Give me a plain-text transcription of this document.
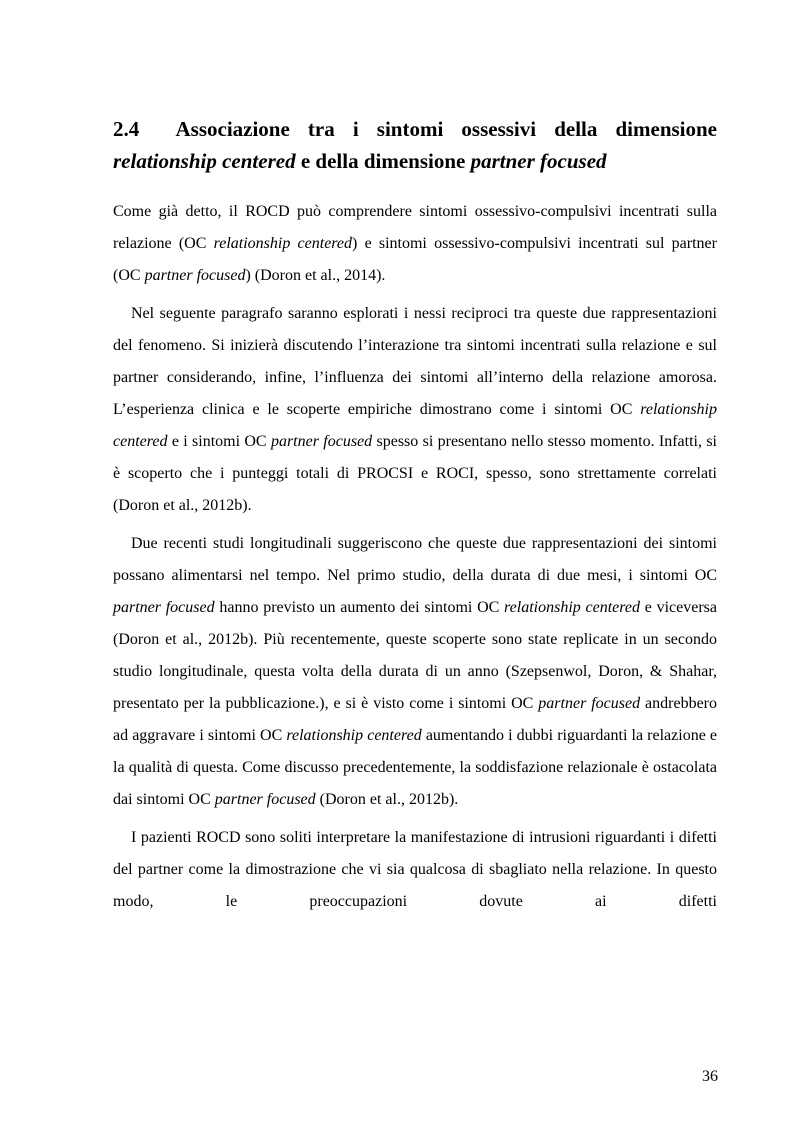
2.4 Associazione tra i sintomi ossessivi della dimensione
relationship centered e della dimensione partner focused

Come già detto, il ROCD può comprendere sintomi ossessivo-compulsivi incentrati sulla relazione (OC relationship centered) e sintomi ossessivo-compulsivi incentrati sul partner (OC partner focused) (Doron et al., 2014).

Nel seguente paragrafo saranno esplorati i nessi reciproci tra queste due rappresentazioni del fenomeno. Si inizierà discutendo l’interazione tra sintomi incentrati sulla relazione e sul partner considerando, infine, l’influenza dei sintomi all’interno della relazione amorosa. L’esperienza clinica e le scoperte empiriche dimostrano come i sintomi OC relationship centered e i sintomi OC partner focused spesso si presentano nello stesso momento. Infatti, si è scoperto che i punteggi totali di PROCSI e ROCI, spesso, sono strettamente correlati (Doron et al., 2012b).

Due recenti studi longitudinali suggeriscono che queste due rappresentazioni dei sintomi possano alimentarsi nel tempo. Nel primo studio, della durata di due mesi, i sintomi OC partner focused hanno previsto un aumento dei sintomi OC relationship centered e viceversa (Doron et al., 2012b). Più recentemente, queste scoperte sono state replicate in un secondo studio longitudinale, questa volta della durata di un anno (Szepsenwol, Doron, & Shahar, presentato per la pubblicazione.), e si è visto come i sintomi OC partner focused andrebbero ad aggravare i sintomi OC relationship centered aumentando i dubbi riguardanti la relazione e la qualità di questa. Come discusso precedentemente, la soddisfazione relazionale è ostacolata dai sintomi OC partner focused (Doron et al., 2012b).

I pazienti ROCD sono soliti interpretare la manifestazione di intrusioni riguardanti i difetti del partner come la dimostrazione che vi sia qualcosa di sbagliato nella relazione. In questo modo, le preoccupazioni dovute ai difetti

36
